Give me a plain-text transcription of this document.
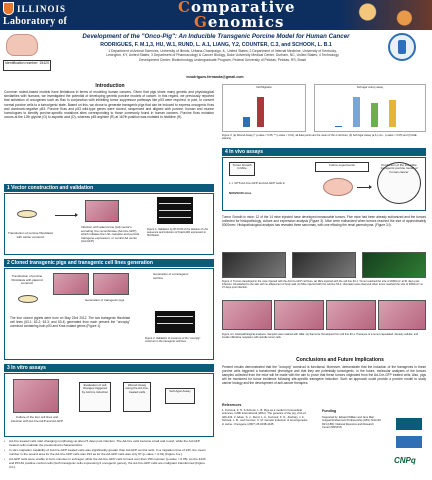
ILLINOIS
Laboratory of
Comparative
Genomics
Identification number: 15420
Development of the "Onco-Pig": An Inducible Transgenic Porcine Model for Human Cancer
RODRIGUES, F. M.1,3, HU, W.1, RUND, L. A.1, LIANG, Y.2, COUNTER, C.3, and SCHOOK, L. B.1
1 Department of Animal Sciences, University of Illinois, Urbana-Champaign, IL, United States; 2 Department of Internal Medicine, University of Kentucky, Lexington, KY, United States; 3 Department of Pharmacology & Cancer Biology, Duke University Medical Center, Durham, NC, United States; 4 Technology Development Center, Biotechnology Undergraduate Program, Federal University of Pelotas, Pelotas, RS, Brazil
mrodrigues.fernanda@gmail.com
Introduction
Common rodent-based models have limitations in terms of modeling human cancers. Given that pigs share many genetic and physiological similarities with humans, we investigated the potential of developing genetic porcine models of cancer. In this regard, we previously reported that activation of oncogenes such as Ras in conjunction with inhibiting tumor suppressor pathways like p53 were required, in part, to convert normal porcine cells to a tumorigenic state. Based on this, we chose to generate transgenic pigs that can be induced to express oncogenic Kras and dominant-negative p53. Porcine Kras and p53 wild-type genes were cloned, sequenced and aligned with porcine, human and murine homologues to identify porcine-specific mutations sites corresponding to those commonly found in human cancers. Porcine Kras mutation occurs at the 12th glycine (G) to aspartic acid (D), whereas p53 arginine (R) at 167th position was mutated to histidine (H).
1 Vector construction and validation
Transfection of porcine fibroblasts with carrier construct
Infection with adenovirus (Ad) vector's encoding Cre recombinase (Ad-Cre-GFP), which initiates the LSL cassette and permits transgene expression, or control Ad vector (Ad-GFP)
Figure 1: Validation by RT-PCR of the deletion of LSL sequence and induction of KrasG12D expression in fibroblasts.
2 Cloned transgenic pigs and transgenic cell lines generation
Transfection of porcine fibroblasts with plasmid construct
Generation of a transgenic cell line
Generation of transgenic pigs
The four cloned piglets were born on May 23rd 2012. The two transgenic fibroblast cell lines (63-1; 63-2; 63-3; and 63-4) generated from each present the "oncopig" construct containing both p53 and Kras mutant genes (Figure 1).
Figure 2: Validation of presence of the "oncopig" construct in the transgenic cell lines.
3 In vitro assays
Culture of the four cell lines and infection with Ad-Cre-GFP and Ad-GFP
Evaluation of cell changes triggered by Ad-Cre induction
Wound Assay using the Ad-Cre-treated cells	Soft Agar Assay
• Ad-Cre treated cells start changing morphology at about 5 days post infection. The Ad-Cre cells became small and round, while the Ad-GFP treated cells maintain the predominant characteristics.
• In vitro migration capability of Ad-Cre-GFP treated cells was significantly greater than Ad-GFP control cells. In a migration time of 24h, the mean number in the wound area for the Ad-Cre-GFP cells was 194 as for the Ad-GFP cells was only 67 (p-value < 0.01) (Figure 3.a.).
• Ad-GFP cells were unable to form colonies in soft agar, while the Ad-Cre-GFP cells formed over than 150 colonies (p-value < 0.05). As the 4443 and PF161 positive control cells (both transgenic cells expressing 6 oncogenic genes), the Ad-Cre-GFP cells are malignant transformed (Figure 3.b.).
Cell Migration	Soft agar colony assay
Figure 3: (a) Wound Assay (* p-value < 0.05; ** p-value < 0.01), all data points are the mean of the 4 cell lines; (b) Soft Agar Assay (a,b,c,d,e - p-value < 0.05) and (f) H&E staining.
4 In vivo assays
Tumor Growth in Mice
1 × 10^6 Ad-Cre-GFP and Ad-GFP cells in
NOD/SCID mice
Future experiments	Production of the inducible transgenic porcine model of human cancer
Tumor Growth in mice: 12 of the 14 mice injected have developed measurable tumors. Five mice had been already euthanized and the tumors collected for histopathology, culture and expression analysis (Figure 3). Mice were euthanized when tumors reached the size of approximately 5000mm³. Histopathological analysis has revealed three sarcomas, with one effacing the renal parenchyma. (Figure 3.f).
Figure 4: Tumors developed in the mice injected with the Ad-Cre-GFP cell lines. (a) Mice injected with the cell line 63-1. Tumor reached the size of 2000mm³ at 51 days post infection. All attached to the skin with no effacement of body wall. (b) Mice injected with the cell line 63-3. Ulceration was observed when tumor reached the size of 2000mm³ at 37 days post infection.
Figure 4.1: Histopathological analyses. Samples were stained with H&E. (a) Sarcoma. Developed from cell line 63-1. Presence of a tumor-capsulated, densely cellular, and invade infiltrative neoplasm with spindle tumor cells.
Conclusions and Future Implications
Present results demonstrated that the "oncopig" construct is functional. Moreover, demonstrate that the induction of the transgenes in these porcine cells triggered a transformed phenotype and that they are potentially tumorigenic. In the future, molecular analyses of the tumors samples collected from the mice will be made with the aim to prove that these tumors originated from the Ad-Cre-GFP treated cells. Also, pigs will be monitored for tumor incidence following site-specific transgene induction. Such an approach could provide a porcine model to study cancer biology and the development of anti-cancer therapies.
References
1. Kuzmuk, K. N. & Schook, L. B. Pigs as a model for biomedical sciences. CABI International (2011). The genetics of the pig. 2nd ed. 426-444. 2. Adam, S. J., Rund, L. A., Kuzmuk, K. N., Zachary, J. F., Schook, L. B., and Counter, C. M. Genetic induction of tumorigenesis in swine. Oncogene (2007) 26:1038-1045.
Funding
Supported by: Edward William and Jane Marr Gutgsell Endowment Professorship (LBS); NIH-NCI R21 (LBS); National Resource and Research Center (NRSP-8)
CNPq
